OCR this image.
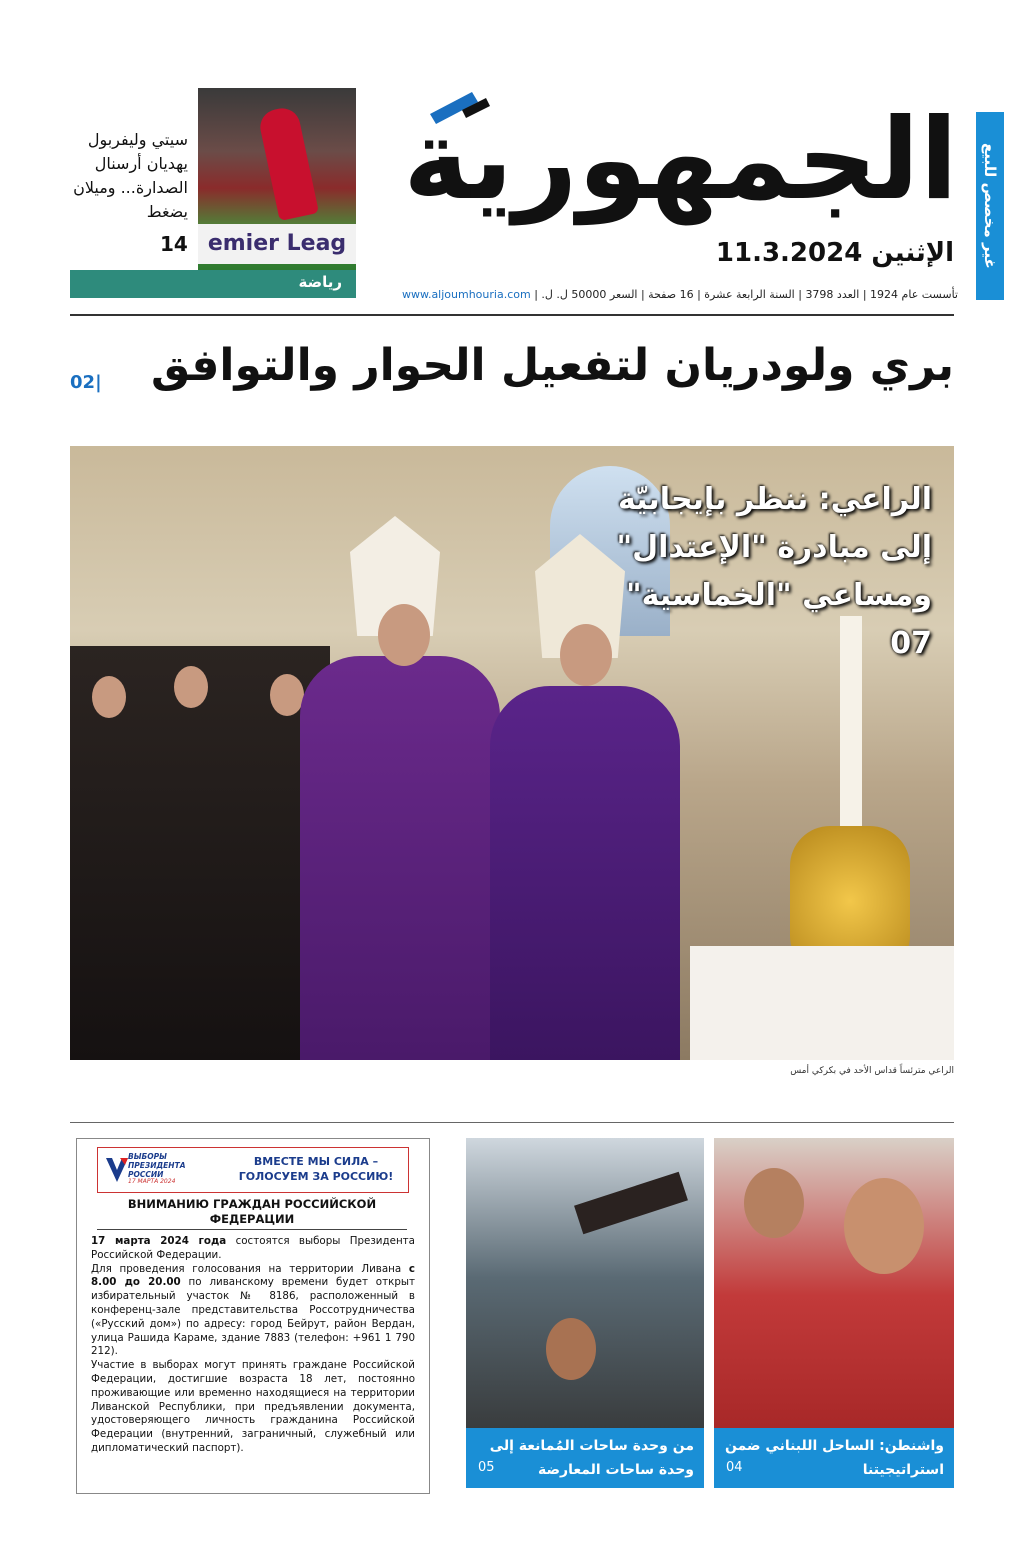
غير مخصص للبيع
الجمهورية
الإثنين 11.3.2024
تأسست عام 1924 | العدد 3798 | السنة الرابعة عشرة | 16 صفحة | السعر 50000 ل. ل. | www.aljoumhouria.com
emier Leag
سيتي وليفربول يهديان أرسنال الصدارة... وميلان يضغط
14
رياضة
بري ولودريان لتفعيل الحوار والتوافق
02|
الراعي: ننظر بإيجابيّة إلى مبادرة "الإعتدال" ومساعي "الخماسية"
07
الراعي مترئساً قداس الأحد في بكركي أمس
واشنطن: الساحل اللبناني ضمن استراتيجيتنا
04
من وحدة ساحات المُمانعة إلى وحدة ساحات المعارضة
05
ВЫБОРЫ ПРЕЗИДЕНТА РОССИИ
17 МАРТА 2024
ВМЕСТЕ МЫ СИЛА – ГОЛОСУЕМ ЗА РОССИЮ!
ВНИМАНИЮ ГРАЖДАН РОССИЙСКОЙ ФЕДЕРАЦИИ

17 марта 2024 года состоятся выборы Президента Российской Федерации.

Для проведения голосования на территории Ливана с 8.00 до 20.00 по ливанскому времени будет открыт избирательный участок № 8186, расположенный в конференц-зале представительства Россотрудничества («Русский дом») по адресу: город Бейрут, район Вердан, улица Рашида Караме, здание 7883 (телефон: +961 1 790 212).

Участие в выборах могут принять граждане Российской Федерации, достигшие возраста 18 лет, постоянно проживающие или временно находящиеся на территории Ливанской Республики, при предъявлении документа, удостоверяющего личность гражданина Российской Федерации (внутренний, заграничный, служебный или дипломатический паспорт).
